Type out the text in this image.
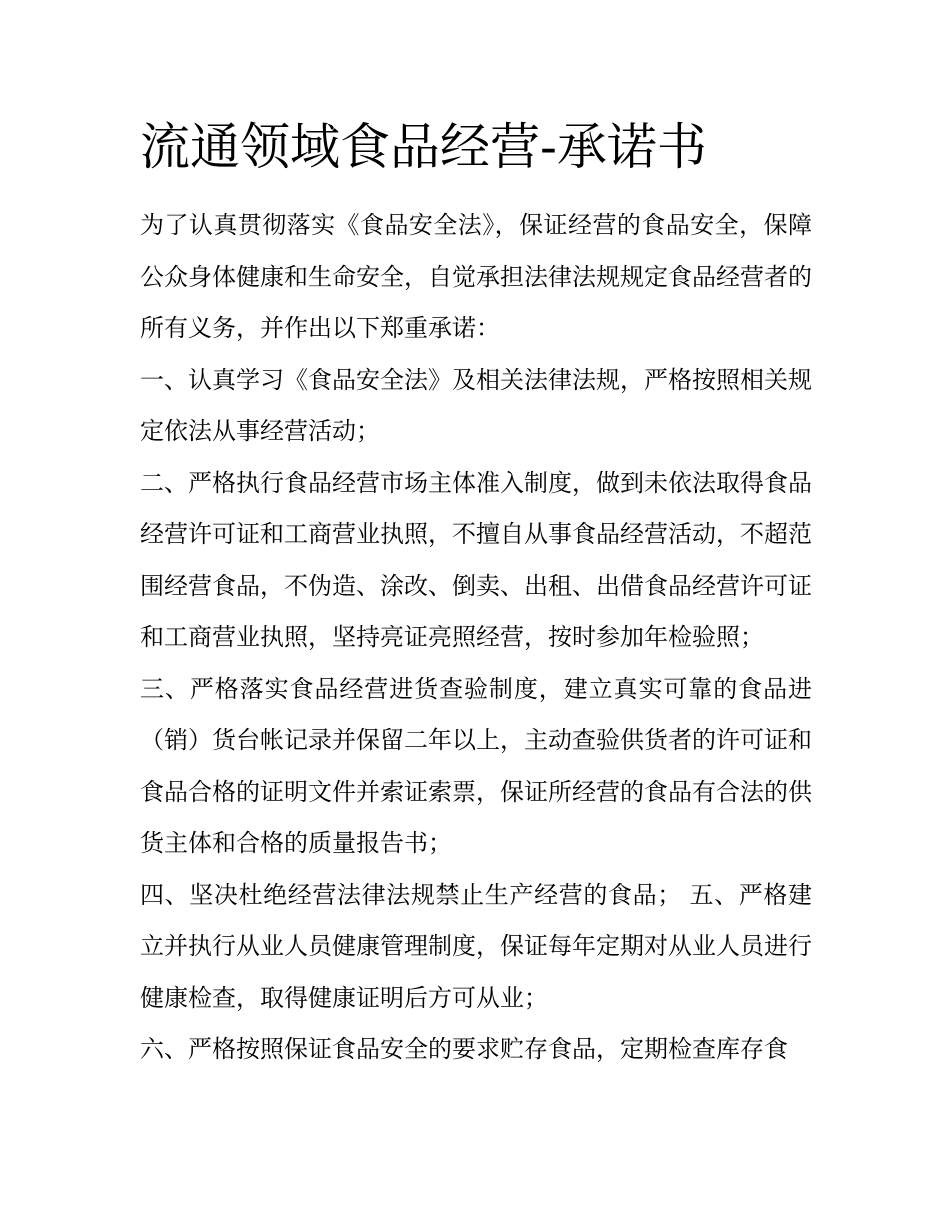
流通领域食品经营-承诺书

为了认真贯彻落实《食品安全法》，保证经营的食品安全，保障公众身体健康和生命安全，自觉承担法律法规规定食品经营者的所有义务，并作出以下郑重承诺：

一、认真学习《食品安全法》及相关法律法规，严格按照相关规定依法从事经营活动；

二、严格执行食品经营市场主体准入制度，做到未依法取得食品经营许可证和工商营业执照，不擅自从事食品经营活动，不超范围经营食品，不伪造、涂改、倒卖、出租、出借食品经营许可证和工商营业执照，坚持亮证亮照经营，按时参加年检验照；

三、严格落实食品经营进货查验制度，建立真实可靠的食品进（销）货台帐记录并保留二年以上，主动查验供货者的许可证和食品合格的证明文件并索证索票，保证所经营的食品有合法的供货主体和合格的质量报告书；

四、坚决杜绝经营法律法规禁止生产经营的食品； 五、严格建立并执行从业人员健康管理制度，保证每年定期对从业人员进行健康检查，取得健康证明后方可从业；

六、严格按照保证食品安全的要求贮存食品，定期检查库存食
